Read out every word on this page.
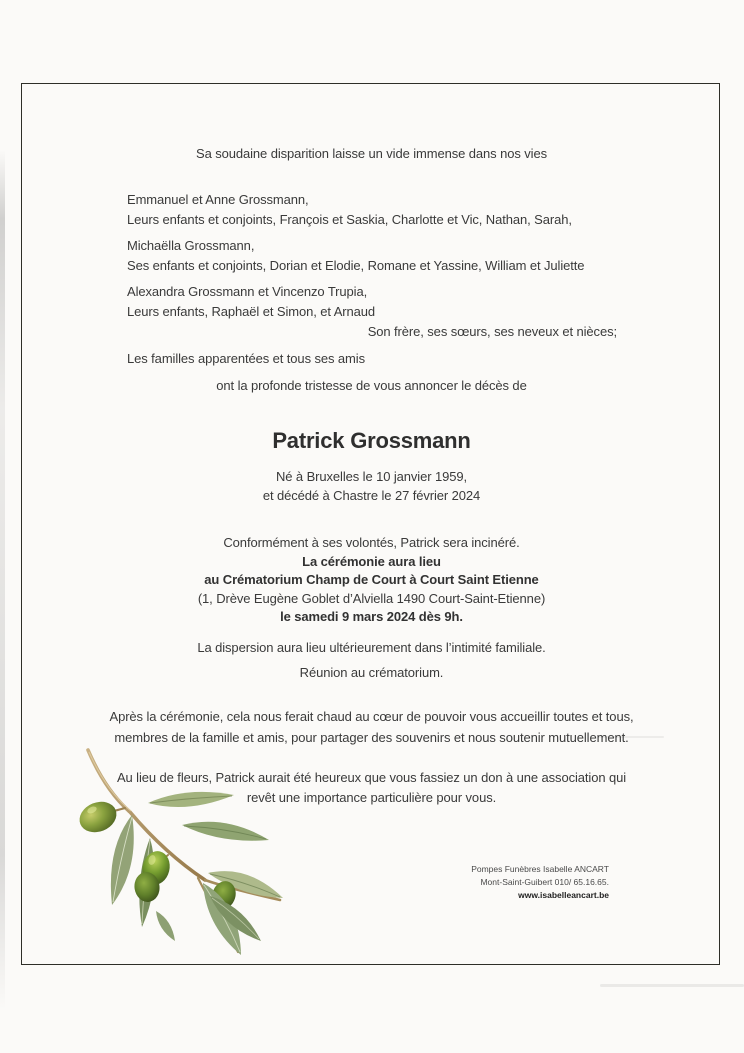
Sa soudaine disparition laisse un vide immense dans nos vies
Emmanuel et Anne Grossmann,
Leurs enfants et conjoints, François et Saskia, Charlotte et Vic, Nathan, Sarah,
Michaëlla Grossmann,
Ses enfants et conjoints, Dorian et Elodie, Romane et Yassine, William et Juliette
Alexandra Grossmann et Vincenzo Trupia,
Leurs enfants, Raphaël et Simon, et Arnaud
Son frère, ses sœurs, ses neveux et nièces;
Les familles apparentées et tous ses amis
ont la profonde tristesse de vous annoncer le décès de
Patrick Grossmann
Né à Bruxelles le 10 janvier 1959,
et décédé à Chastre le 27 février 2024
Conformément à ses volontés, Patrick sera incinéré.
La cérémonie aura lieu
au Crématorium Champ de Court à Court Saint Etienne
(1, Drève Eugène Goblet d’Alviella 1490 Court-Saint-Etienne)
le samedi 9 mars 2024 dès 9h.
La dispersion aura lieu ultérieurement dans l’intimité familiale.
Réunion au crématorium.
Après la cérémonie, cela nous ferait chaud au cœur de pouvoir vous accueillir toutes et tous,
membres de la famille et amis, pour partager des souvenirs et nous soutenir mutuellement.
Au lieu de fleurs, Patrick aurait été heureux que vous fassiez un don à une association qui
revêt une importance particulière pour vous.
Pompes Funèbres Isabelle ANCART
Mont-Saint-Guibert 010/ 65.16.65.
www.isabelleancart.be
